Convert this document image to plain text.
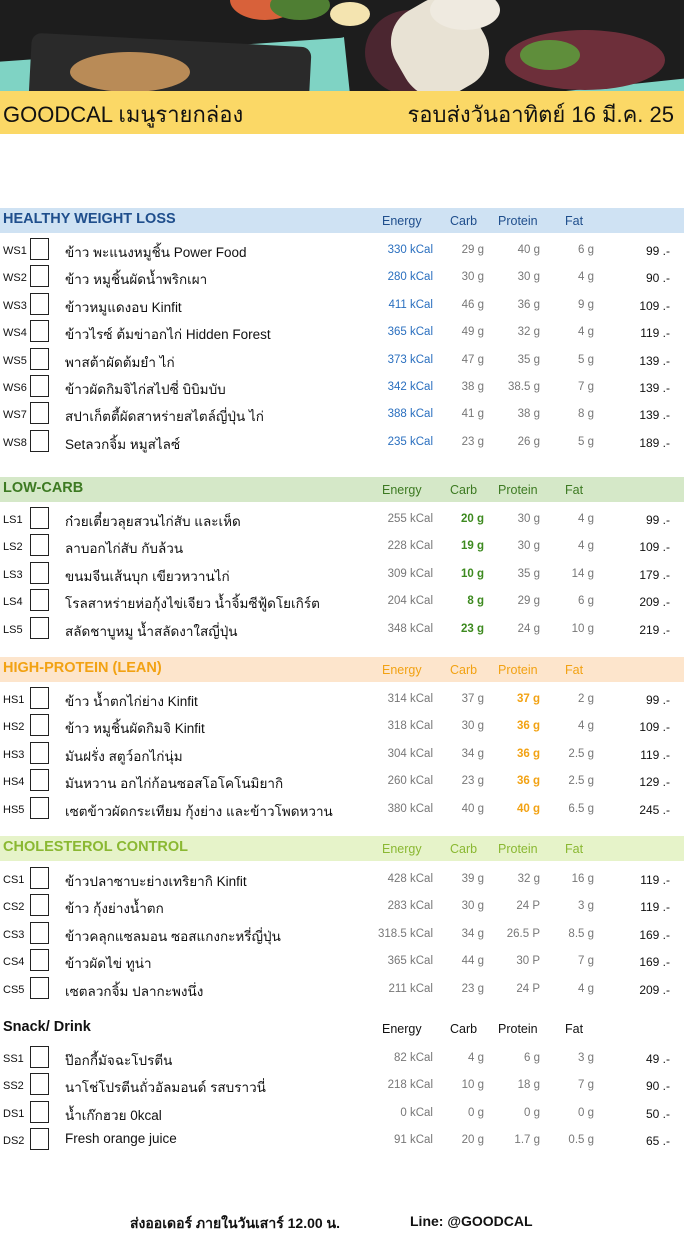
GOODCAL เมนูรายกล่อง	รอบส่งวันอาทิตย์ 16 มี.ค. 25
HEALTHY WEIGHT LOSS	Energy Carb Protein Fat
WS1	ข้าว พะแนงหมูชิ้น Power Food	330 kCal	29 g	40 g	6 g	99 .-
WS2	ข้าว หมูชิ้นผัดน้ำพริกเผา	280 kCal	30 g	30 g	4 g	90 .-
WS3	ข้าวหมูแดงอบ Kinfit	411 kCal	46 g	36 g	9 g	109 .-
WS4	ข้าวไรซ์ ต้มข่าอกไก่ Hidden Forest	365 kCal	49 g	32 g	4 g	119 .-
WS5	พาสต้าผัดต้มยำ ไก่	373 kCal	47 g	35 g	5 g	139 .-
WS6	ข้าวผัดกิมจิไก่สไปซี่ บิบิมบับ	342 kCal	38 g	38.5 g	7 g	139 .-
WS7	สปาเก็ตตี้ผัดสาหร่ายสไตล์ญี่ปุ่น ไก่	388 kCal	41 g	38 g	8 g	139 .-
WS8	Setลวกจิ้ม หมูสไลซ์	235 kCal	23 g	26 g	5 g	189 .-
LOW-CARB	Energy Carb Protein Fat
LS1	ก๋วยเตี๋ยวลุยสวนไก่สับ และเห็ด	255 kCal	20 g	30 g	4 g	99 .-
LS2	ลาบอกไก่สับ กับล้วน	228 kCal	19 g	30 g	4 g	109 .-
LS3	ขนมจีนเส้นบุก เขียวหวานไก่	309 kCal	10 g	35 g	14 g	179 .-
LS4	โรลสาหร่ายห่อกุ้งไข่เจียว น้ำจิ้มซีฟู้ดโยเกิร์ต	204 kCal	8 g	29 g	6 g	209 .-
LS5	สลัดชาบูหมู น้ำสลัดงาใสญี่ปุ่น	348 kCal	23 g	24 g	10 g	219 .-
HIGH-PROTEIN (LEAN)	Energy Carb Protein Fat
HS1	ข้าว น้ำตกไก่ย่าง Kinfit	314 kCal	37 g	37 g	2 g	99 .-
HS2	ข้าว หมูชิ้นผัดกิมจิ Kinfit	318 kCal	30 g	36 g	4 g	109 .-
HS3	มันฝรั่ง สตูว์อกไก่นุ่ม	304 kCal	34 g	36 g	2.5 g	119 .-
HS4	มันหวาน อกไก่ก้อนซอสโอโคโนมิยากิ	260 kCal	23 g	36 g	2.5 g	129 .-
HS5	เซตข้าวผัดกระเทียม กุ้งย่าง และข้าวโพดหวาน	380 kCal	40 g	40 g	6.5 g	245 .-
CHOLESTEROL CONTROL	Energy Carb Protein Fat
CS1	ข้าวปลาซาบะย่างเทริยากิ Kinfit	428 kCal	39 g	32 g	16 g	119 .-
CS2	ข้าว กุ้งย่างน้ำตก	283 kCal	30 g	24 P	3 g	119 .-
CS3	ข้าวคลุกแซลมอน ซอสแกงกะหรี่ญี่ปุ่น	318.5 kCal	34 g	26.5 P	8.5 g	169 .-
CS4	ข้าวผัดไข่ ทูน่า	365 kCal	44 g	30 P	7 g	169 .-
CS5	เซตลวกจิ้ม ปลากะพงนึ่ง	211 kCal	23 g	24 P	4 g	209 .-
Snack/ Drink	Energy Carb Protein Fat
SS1	ป๊อกกี้มัจฉะโปรตีน	82 kCal	4 g	6 g	3 g	49 .-
SS2	นาโช่โปรตีนถั่วอัลมอนด์ รสบราวนี่	218 kCal	10 g	18 g	7 g	90 .-
DS1	น้ำเก๊กฮวย 0kcal	0 kCal	0 g	0 g	0 g	50 .-
DS2	Fresh orange juice	91 kCal	20 g	1.7 g	0.5 g	65 .-
ส่งออเดอร์ ภายในวันเสาร์ 12.00 น.	Line: @GOODCAL
